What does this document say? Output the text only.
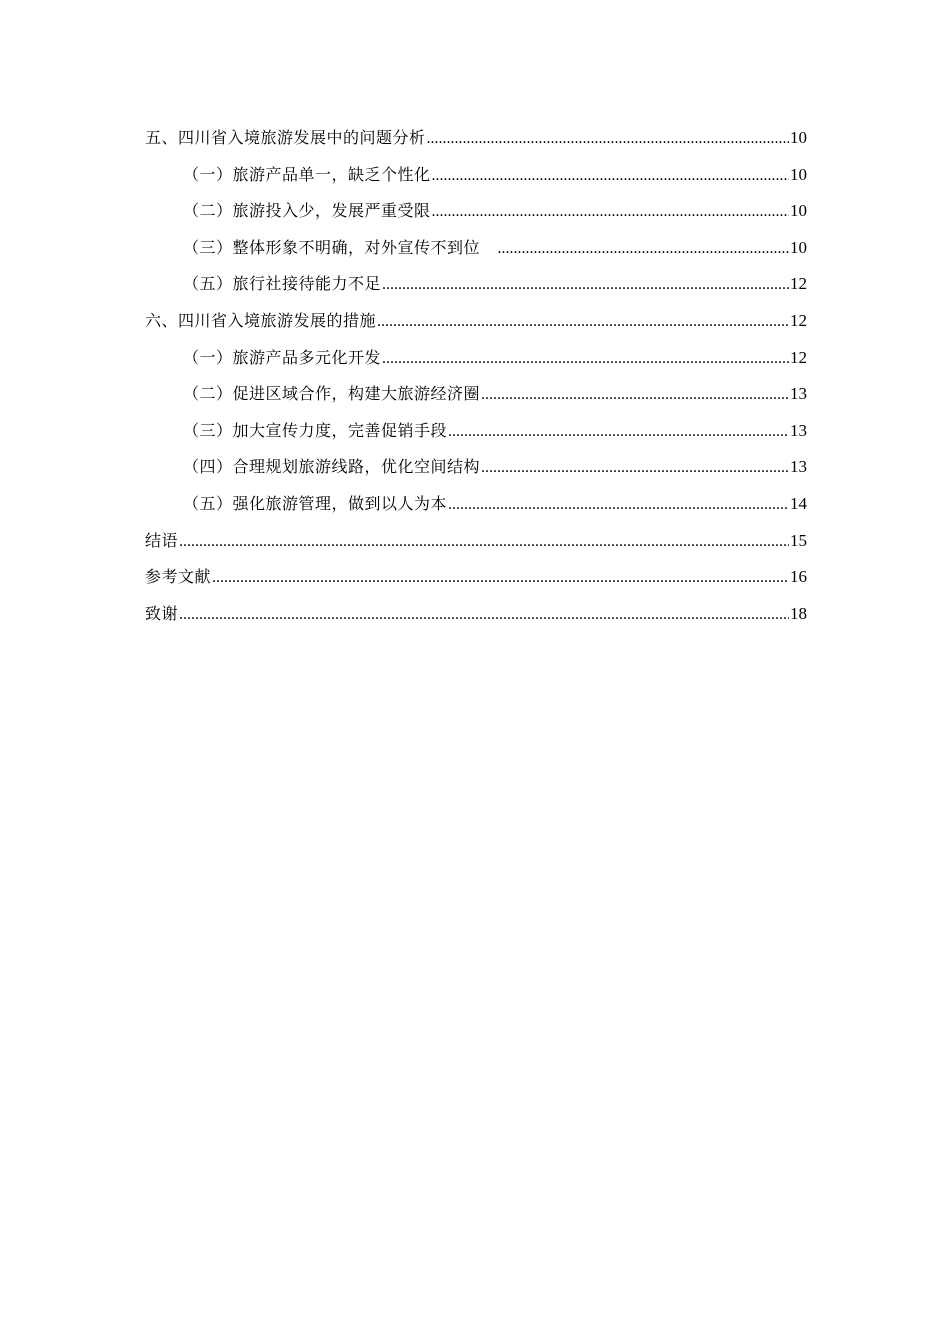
五、四川省入境旅游发展中的问题分析 .....	10
（一）旅游产品单一，缺乏个性化 .....	10
（二）旅游投入少，发展严重受限 .....	10
（三）整体形象不明确，对外宣传不到位　 .....	10
（五）旅行社接待能力不足 .....	12
六、四川省入境旅游发展的措施 .....	12
（一）旅游产品多元化开发 .....	12
（二）促进区域合作，构建大旅游经济圈 .....	13
（三）加大宣传力度，完善促销手段 .....	13
（四）合理规划旅游线路，优化空间结构 .....	13
（五）强化旅游管理，做到以人为本 .....	14
结语 .....	15
参考文献 .....	16
致谢 .....	18
